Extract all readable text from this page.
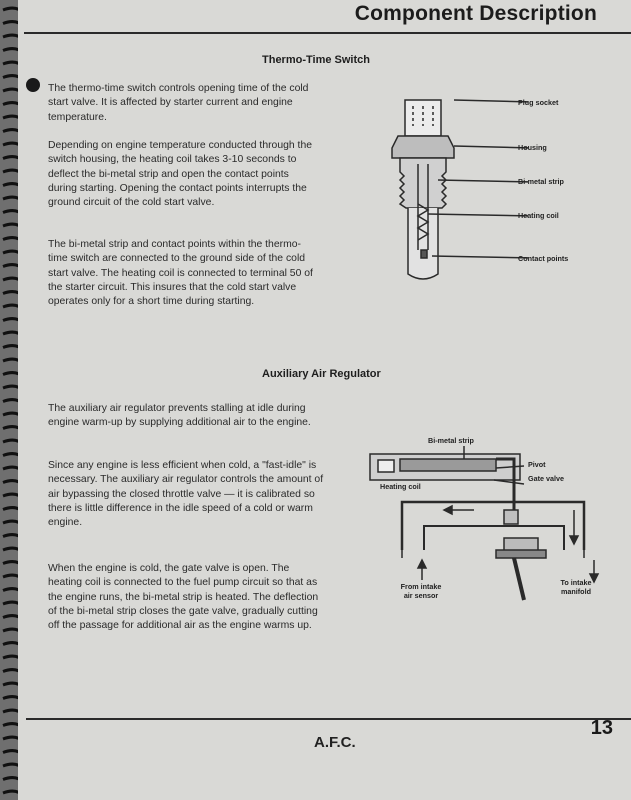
Component Description
Thermo-Time Switch
The thermo-time switch controls opening time of the cold start valve. It is affected by starter current and engine temperature.
Depending on engine temperature conducted through the switch housing, the heating coil takes 3-10 seconds to deflect the bi-metal strip and open the contact points during starting. Opening the contact points interrupts the ground circuit of the cold start valve.
The bi-metal strip and contact points within the thermo-time switch are connected to the ground side of the cold start valve. The heating coil is connected to terminal 50 of the starter circuit. This insures that the cold start valve operates only for a short time during starting.
Plug socket
Housing
Bi-metal strip
Heating coil
Contact points
Auxiliary Air Regulator
The auxiliary air regulator prevents stalling at idle during engine warm-up by supplying additional air to the engine.
Since any engine is less efficient when cold, a "fast-idle" is necessary. The auxiliary air regulator controls the amount of air bypassing the closed throttle valve — it is calibrated so there is little difference in the idle speed of a cold or warm engine.
When the engine is cold, the gate valve is open. The heating coil is connected to the fuel pump circuit so that as the engine runs, the bi-metal strip is heated. The deflection of the bi-metal strip closes the gate valve, gradually cutting off the passage for additional air as the engine warms up.
Bi-metal strip
Pivot
Heating coil
Gate valve
From intake air sensor
To intake manifold
A.F.C.
13
